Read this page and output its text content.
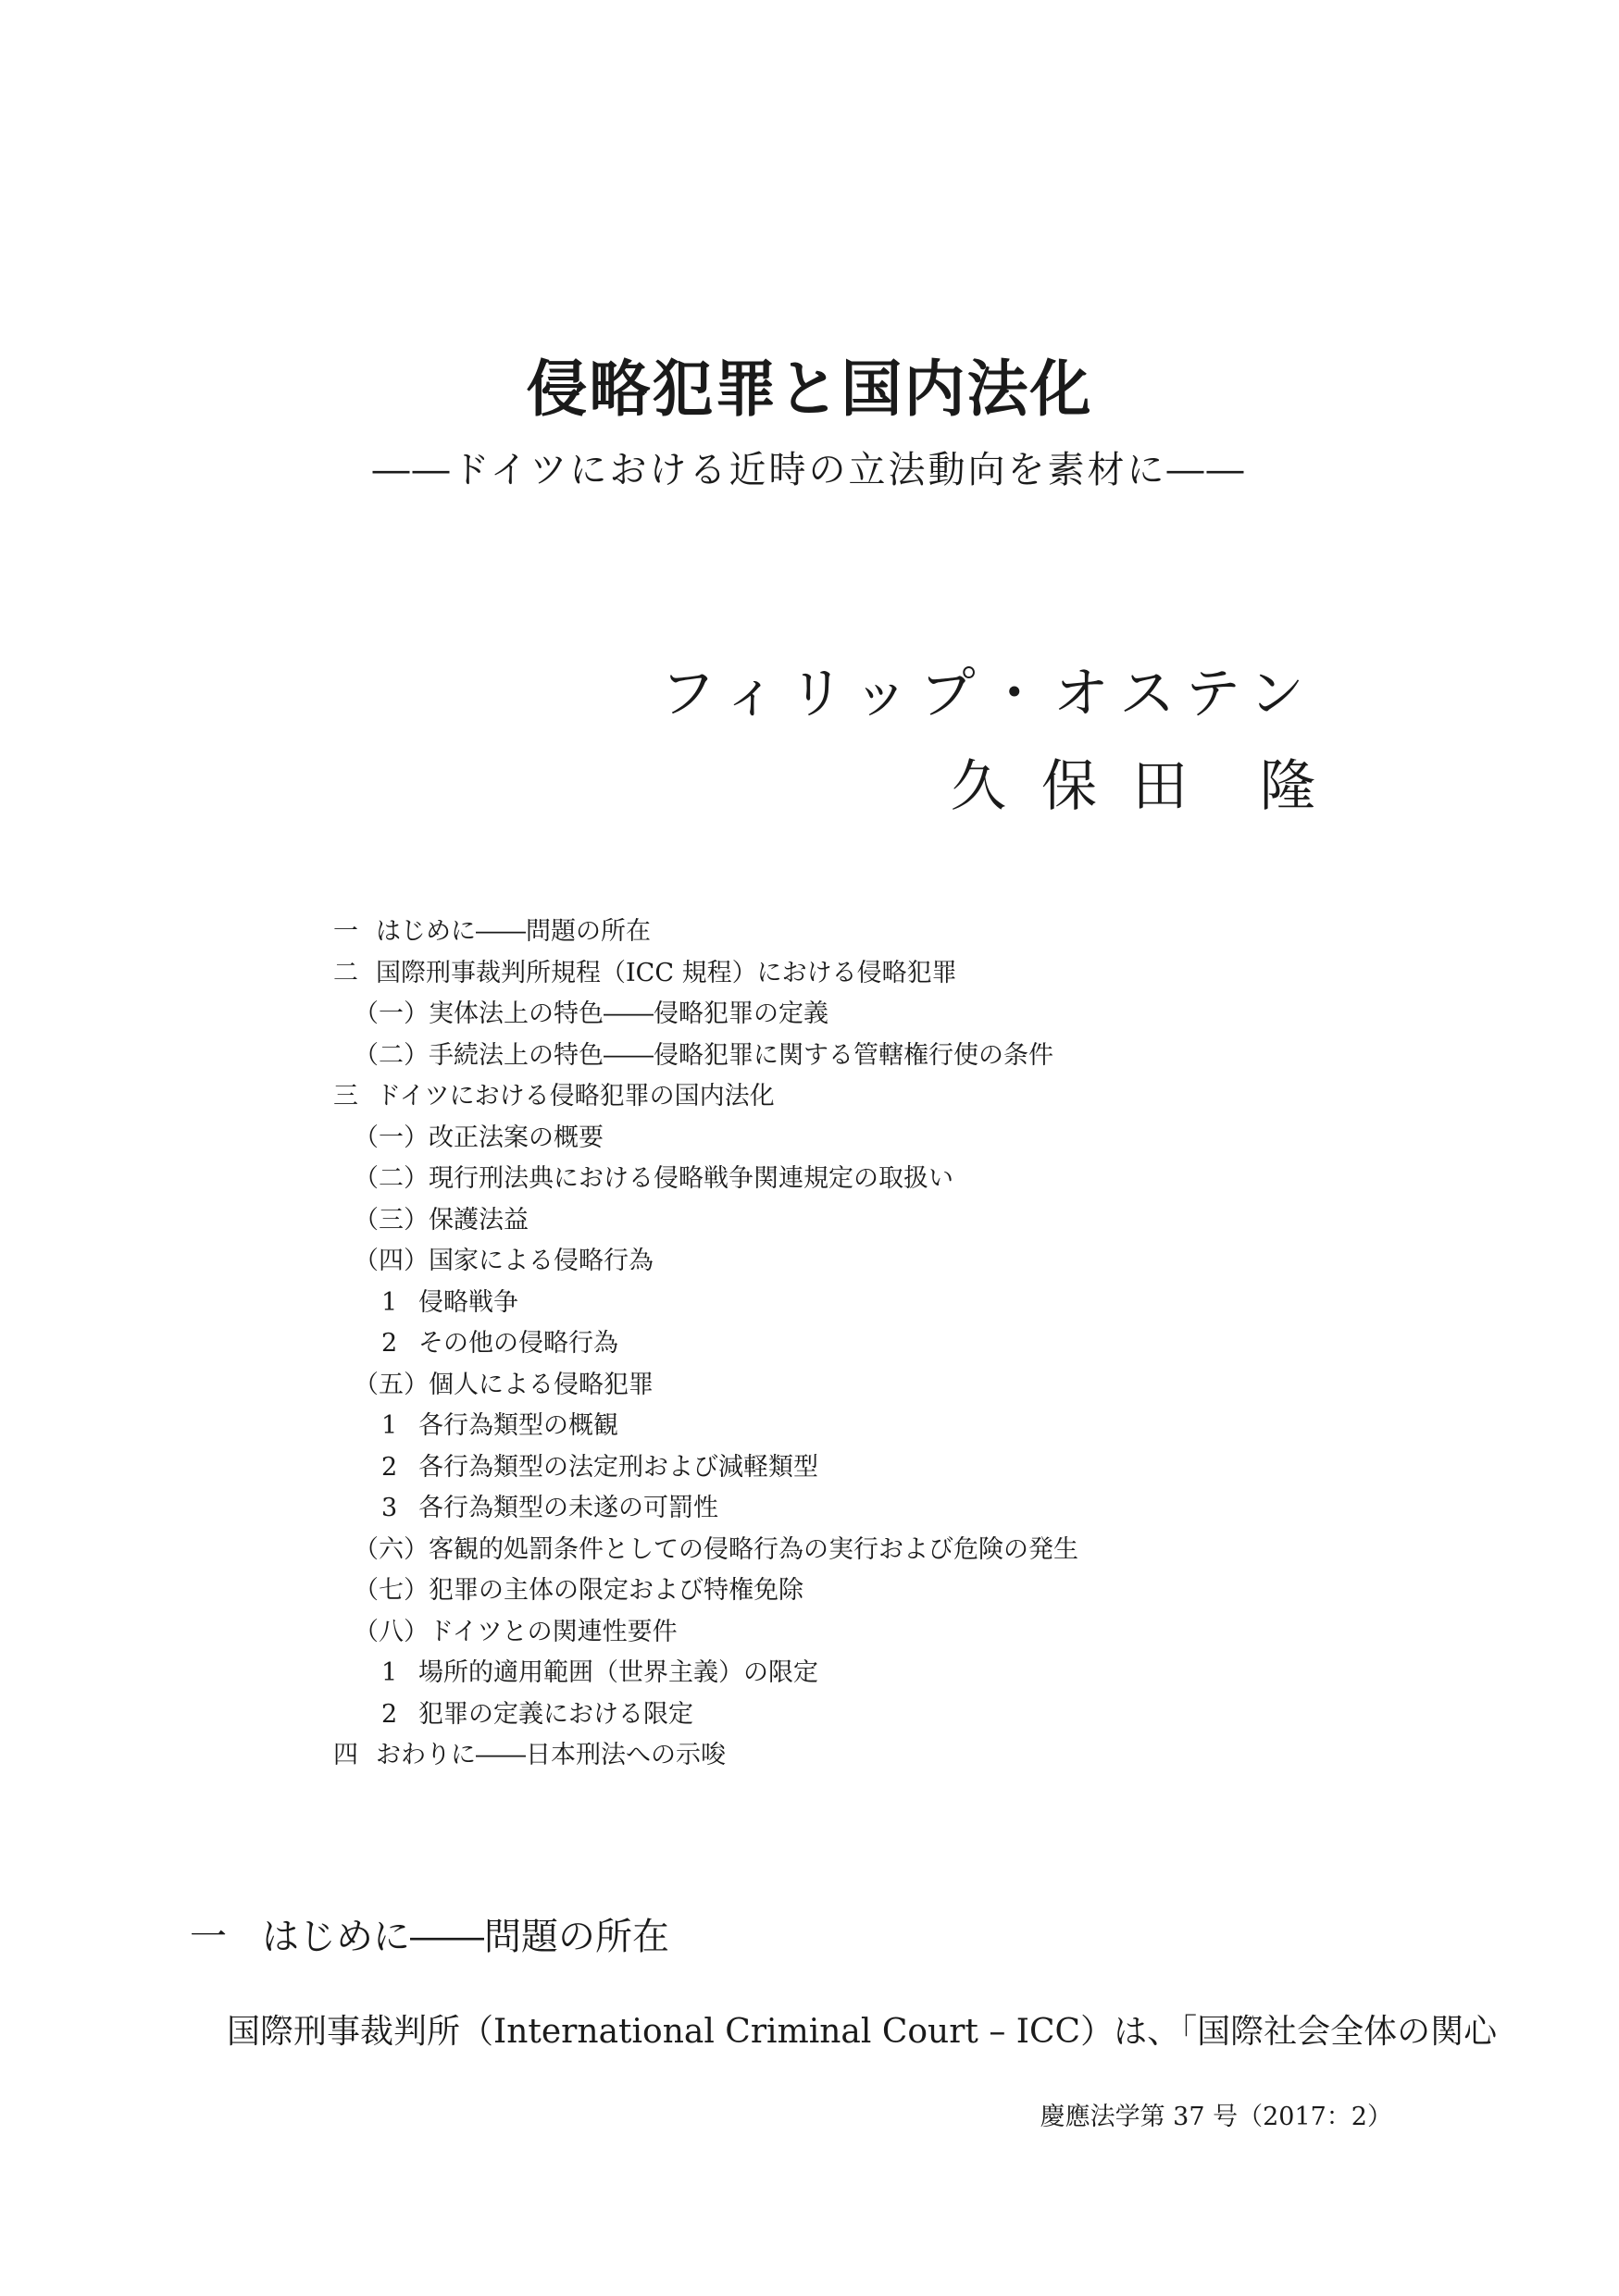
侵略犯罪と国内法化
――ドイツにおける近時の立法動向を素材に――
フィリップ・オステン
久 保 田 隆
一 はじめに――問題の所在
二 国際刑事裁判所規程（ICC 規程）における侵略犯罪
（一）実体法上の特色――侵略犯罪の定義
（二）手続法上の特色――侵略犯罪に関する管轄権行使の条件
三 ドイツにおける侵略犯罪の国内法化
（一）改正法案の概要
（二）現行刑法典における侵略戦争関連規定の取扱い
（三）保護法益
（四）国家による侵略行為
1 侵略戦争
2 その他の侵略行為
（五）個人による侵略犯罪
1 各行為類型の概観
2 各行為類型の法定刑および減軽類型
3 各行為類型の未遂の可罰性
（六）客観的処罰条件としての侵略行為の実行および危険の発生
（七）犯罪の主体の限定および特権免除
（八）ドイツとの関連性要件
1 場所的適用範囲（世界主義）の限定
2 犯罪の定義における限定
四 おわりに――日本刑法への示唆
一 はじめに――問題の所在
国際刑事裁判所（International Criminal Court – ICC）は、「国際社会全体の関心
慶應法学第 37 号（2017：2）
